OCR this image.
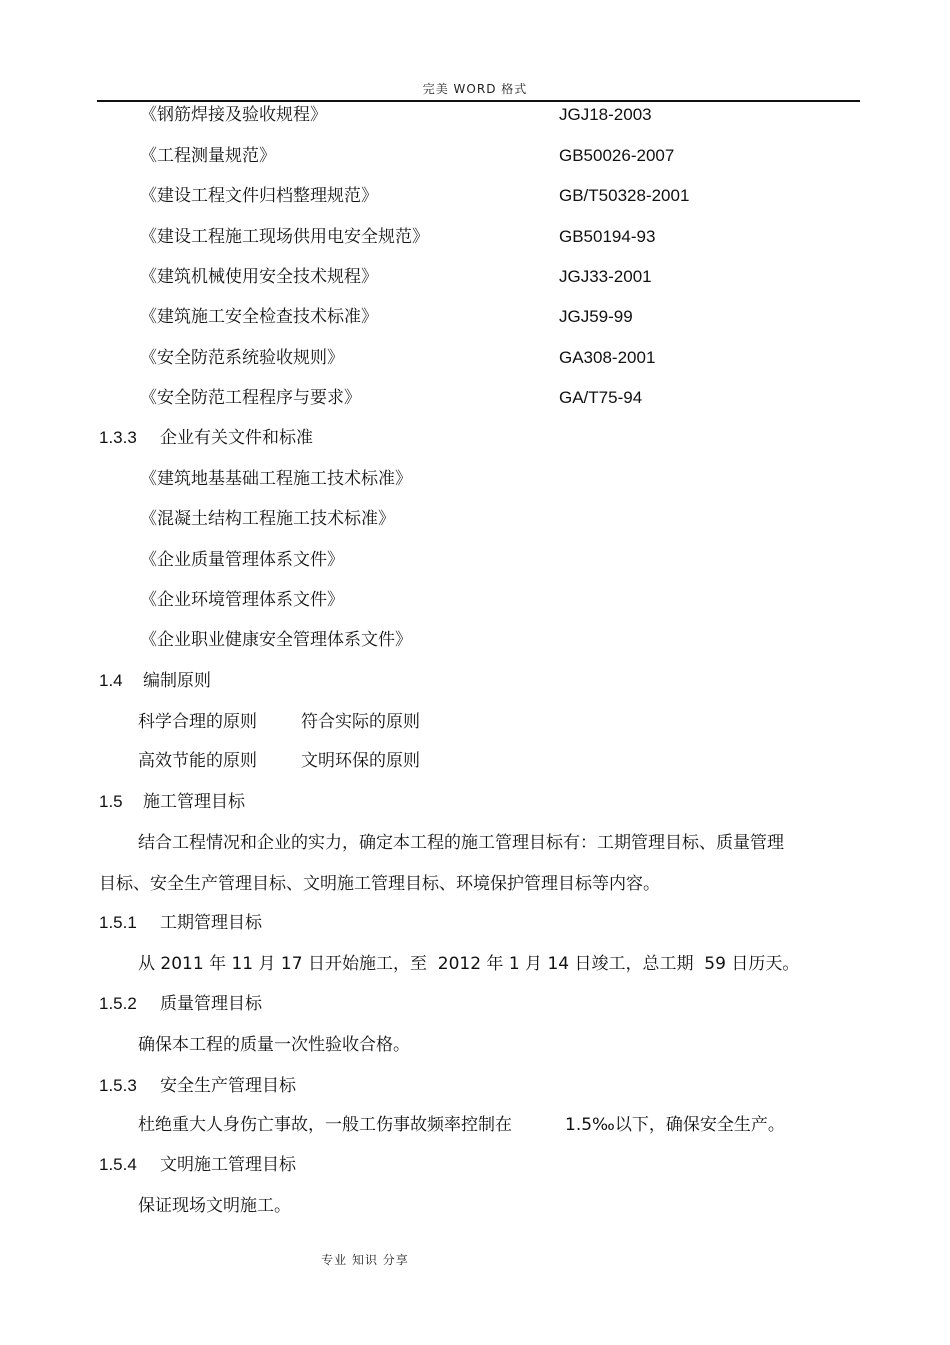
完美 WORD 格式
《钢筋焊接及验收规程》	JGJ18-2003
《工程测量规范》	GB50026-2007
《建设工程文件归档整理规范》	GB/T50328-2001
《建设工程施工现场供用电安全规范》	GB50194-93
《建筑机械使用安全技术规程》	JGJ33-2001
《建筑施工安全检查技术标准》	JGJ59-99
《安全防范系统验收规则》	GA308-2001
《安全防范工程程序与要求》	GA/T75-94
1.3.3 企业有关文件和标准
《建筑地基基础工程施工技术标准》
《混凝土结构工程施工技术标准》
《企业质量管理体系文件》
《企业环境管理体系文件》
《企业职业健康安全管理体系文件》
1.4 编制原则
科学合理的原则	符合实际的原则
高效节能的原则	文明环保的原则
1.5 施工管理目标
结合工程情况和企业的实力，确定本工程的施工管理目标有：工期管理目标、质量管理
目标、安全生产管理目标、文明施工管理目标、环境保护管理目标等内容。
1.5.1 工期管理目标
从 2011 年 11 月 17 日开始施工，至  2012 年 1 月 14 日竣工，总工期  59 日历天。
1.5.2 质量管理目标
确保本工程的质量一次性验收合格。
1.5.3 安全生产管理目标
杜绝重大人身伤亡事故，一般工伤事故频率控制在	1.5‰以下，确保安全生产。
1.5.4 文明施工管理目标
保证现场文明施工。
专业 知识 分享
